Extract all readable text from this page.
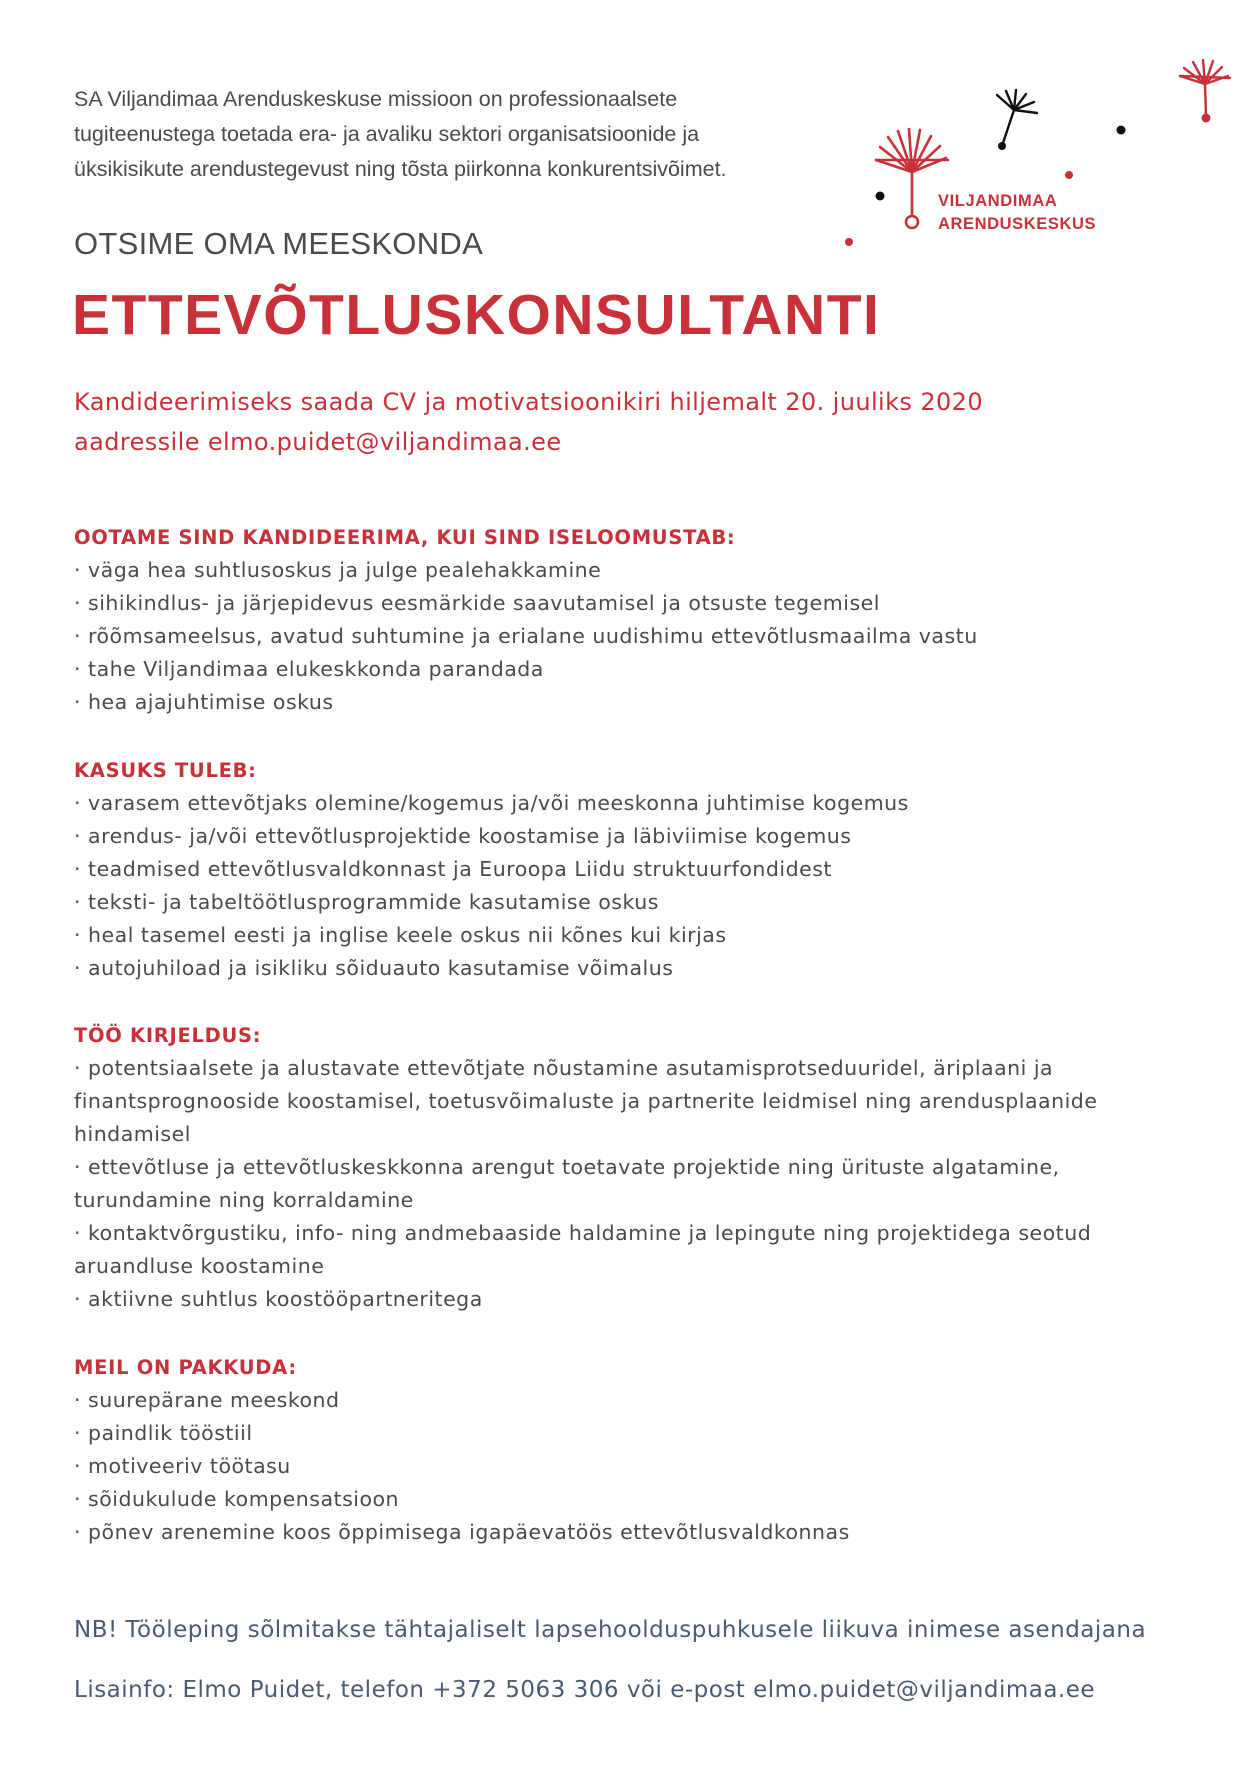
SA Viljandimaa Arenduskeskuse missioon on professionaalsete
tugiteenustega toetada era- ja avaliku sektori organisatsioonide ja
üksikisikute arendustegevust ning tõsta piirkonna konkurentsivõimet.
VILJANDIMAA
ARENDUSKESKUS
OTSIME OMA MEESKONDA
ETTEVÕTLUSKONSULTANTI
Kandideerimiseks saada CV ja motivatsioonikiri hiljemalt 20. juuliks 2020
aadressile elmo.puidet@viljandimaa.ee
OOTAME SIND KANDIDEERIMA, KUI SIND ISELOOMUSTAB:
· väga hea suhtlusoskus ja julge pealehakkamine
· sihikindlus- ja järjepidevus eesmärkide saavutamisel ja otsuste tegemisel
· rõõmsameelsus, avatud suhtumine ja erialane uudishimu ettevõtlusmaailma vastu
· tahe Viljandimaa elukeskkonda parandada
· hea ajajuhtimise oskus
KASUKS TULEB:
· varasem ettevõtjaks olemine/kogemus ja/või meeskonna juhtimise kogemus
· arendus- ja/või ettevõtlusprojektide koostamise ja läbiviimise kogemus
· teadmised ettevõtlusvaldkonnast ja Euroopa Liidu struktuurfondidest
· teksti- ja tabeltöötlusprogrammide kasutamise oskus
· heal tasemel eesti ja inglise keele oskus nii kõnes kui kirjas
· autojuhiload ja isikliku sõiduauto kasutamise võimalus
TÖÖ KIRJELDUS:
· potentsiaalsete ja alustavate ettevõtjate nõustamine asutamisprotseduuridel, äriplaani ja
finantsprognooside koostamisel, toetusvõimaluste ja partnerite leidmisel ning arendusplaanide
hindamisel
· ettevõtluse ja ettevõtluskeskkonna arengut toetavate projektide ning ürituste algatamine,
turundamine ning korraldamine
· kontaktvõrgustiku, info- ning andmebaaside haldamine ja lepingute ning projektidega seotud
aruandluse koostamine
· aktiivne suhtlus koostööpartneritega
MEIL ON PAKKUDA:
· suurepärane meeskond
· paindlik tööstiil
· motiveeriv töötasu
· sõidukulude kompensatsioon
· põnev arenemine koos õppimisega igapäevatöös ettevõtlusvaldkonnas
NB! Tööleping sõlmitakse tähtajaliselt lapsehoolduspuhkusele liikuva inimese asendajana
Lisainfo: Elmo Puidet, telefon +372 5063 306 või e-post elmo.puidet@viljandimaa.ee
